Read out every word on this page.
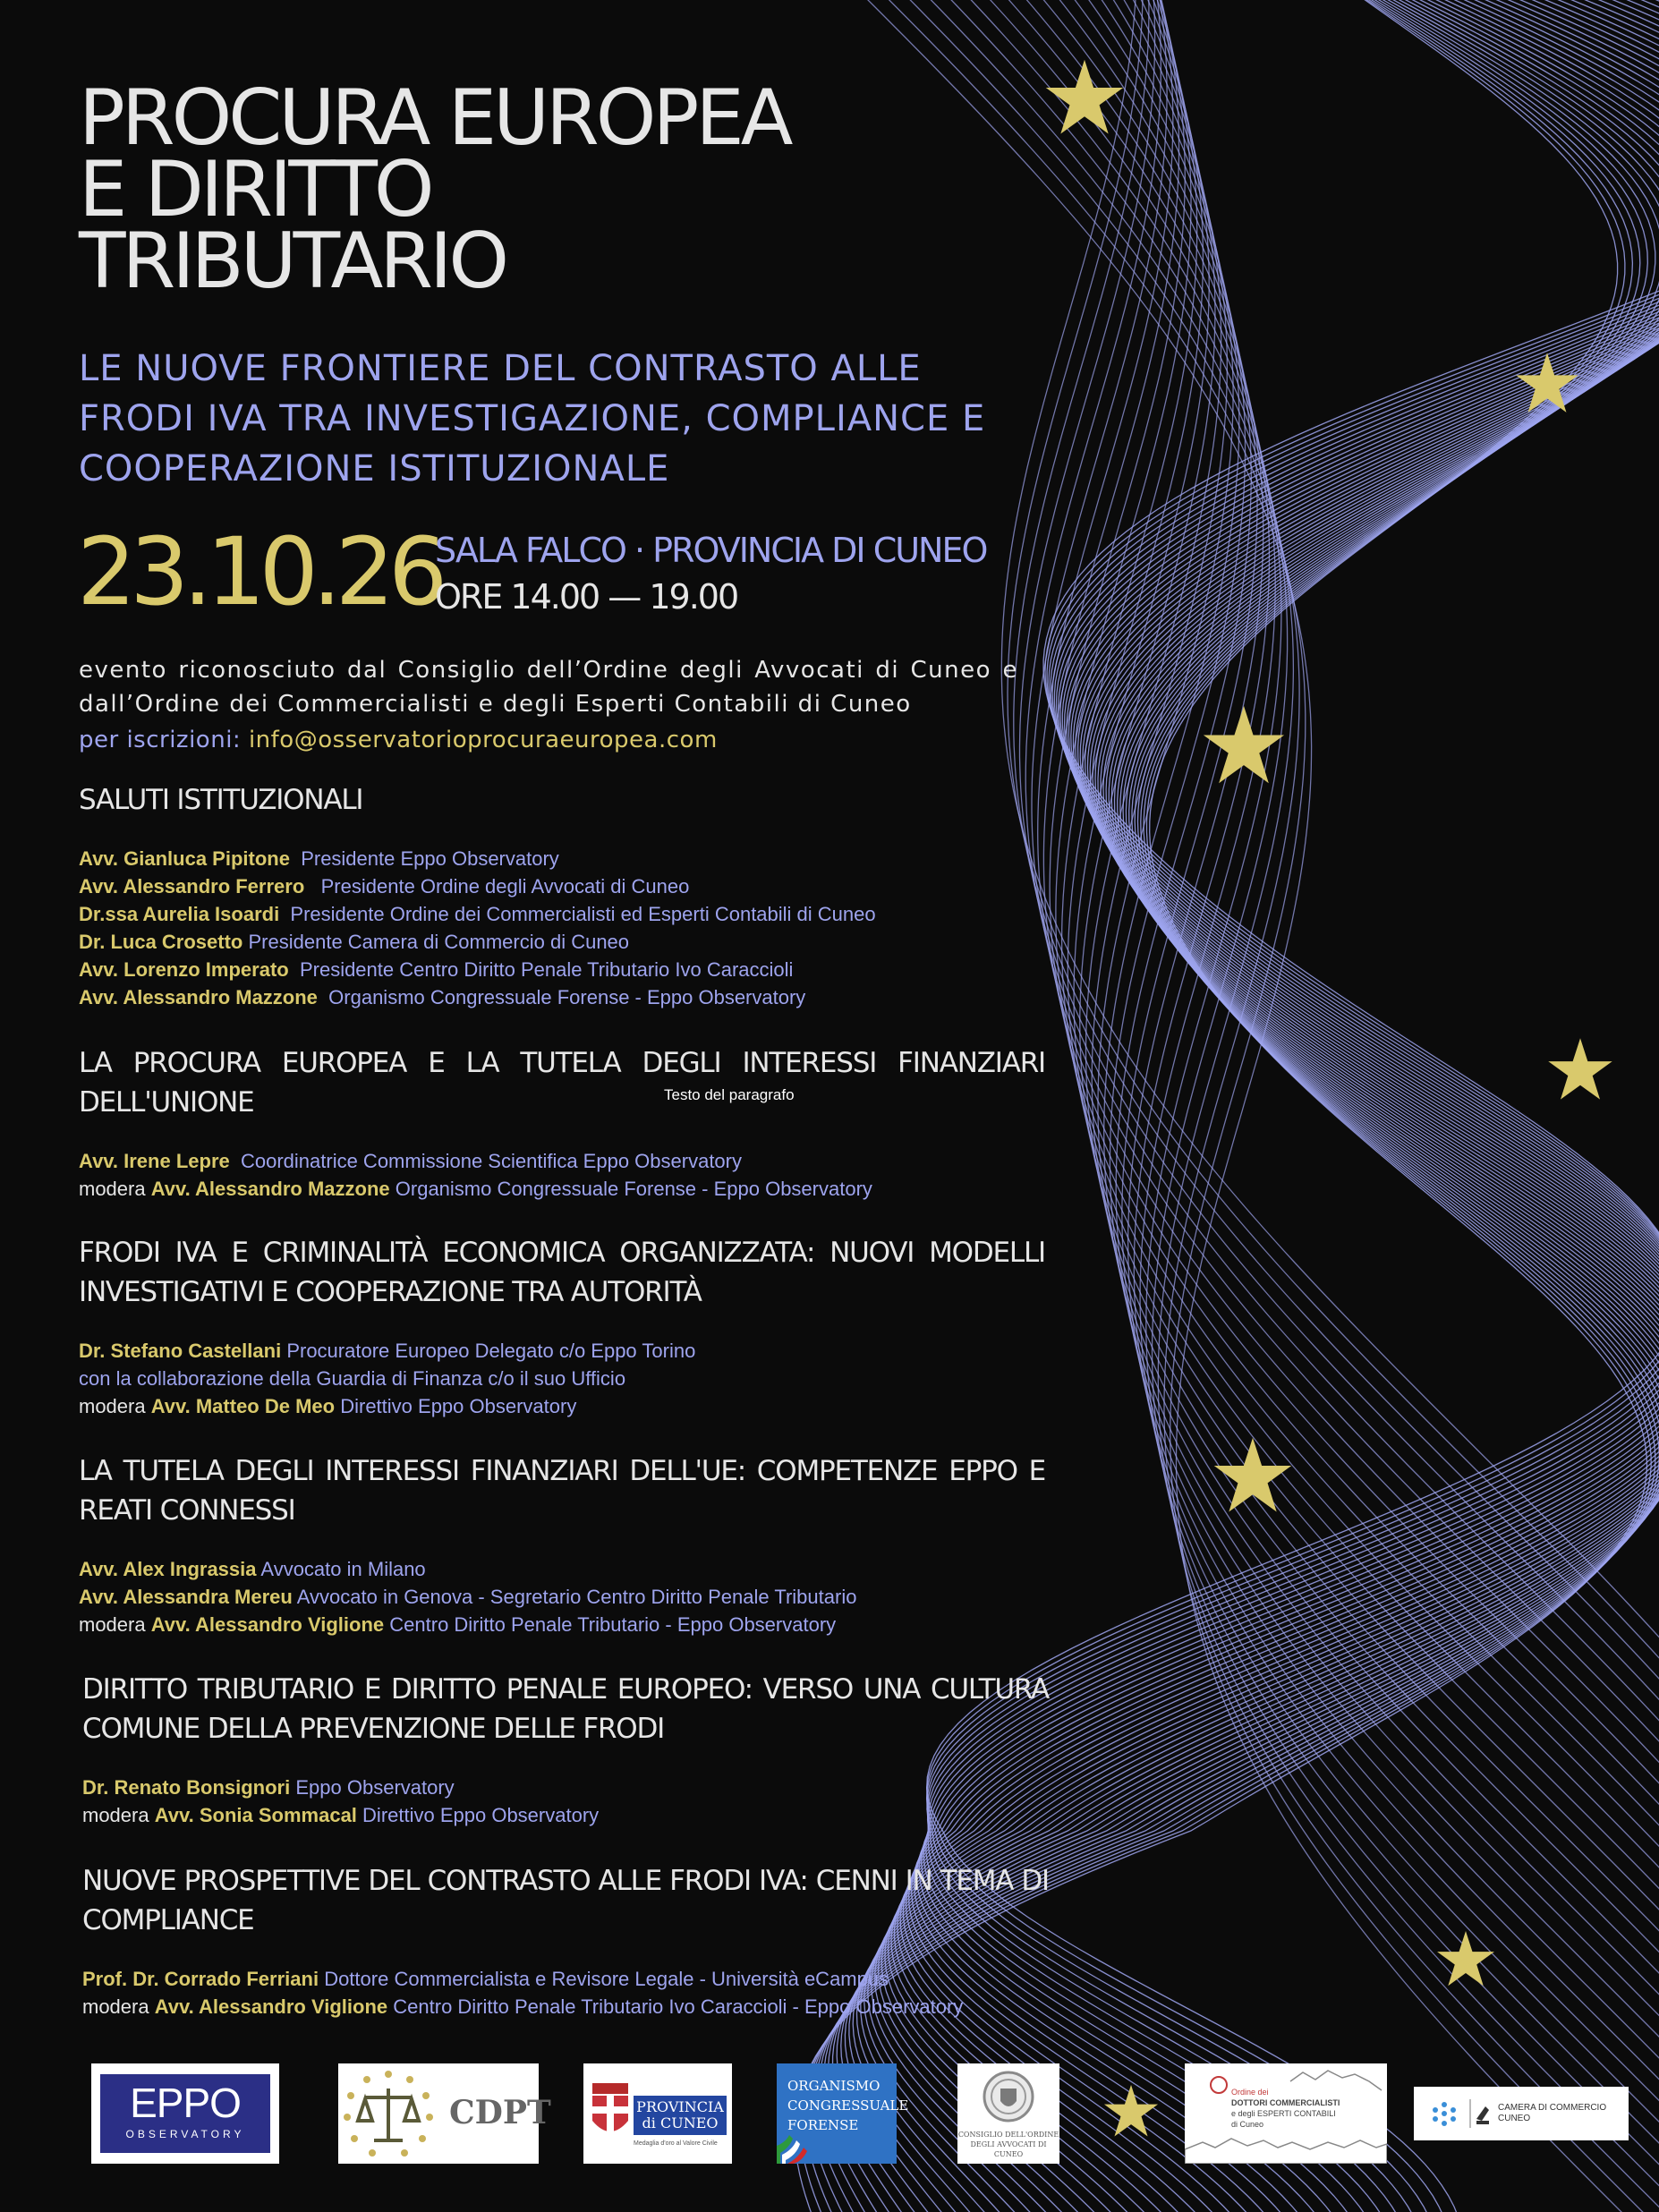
PROCURA EUROPEA
E DIRITTO
TRIBUTARIO
LE NUOVE FRONTIERE DEL CONTRASTO ALLE
FRODI IVA TRA INVESTIGAZIONE, COMPLIANCE E
COOPERAZIONE ISTITUZIONALE
23.10.26
SALA FALCO · PROVINCIA DI CUNEO
ORE 14.00 — 19.00

evento riconosciuto dal Consiglio dell’Ordine degli Avvocati di Cuneo e dall’Ordine dei Commercialisti e degli Esperti Contabili di Cuneo

per iscrizioni: info@osservatorioprocuraeuropea.com
SALUTI ISTITUZIONALI
Avv. Gianluca Pipitone Presidente Eppo Observatory
Avv. Alessandro Ferrero Presidente Ordine degli Avvocati di Cuneo
Dr.ssa Aurelia Isoardi Presidente Ordine dei Commercialisti ed Esperti Contabili di Cuneo
Dr. Luca Crosetto Presidente Camera di Commercio di Cuneo
Avv. Lorenzo Imperato Presidente Centro Diritto Penale Tributario Ivo Caraccioli
Avv. Alessandro Mazzone Organismo Congressuale Forense - Eppo Observatory
LA PROCURA EUROPEA E LA TUTELA DEGLI INTERESSI FINANZIARI DELL'UNIONE	Testo del paragrafo
Avv. Irene Lepre Coordinatrice Commissione Scientifica Eppo Observatory
modera Avv. Alessandro Mazzone Organismo Congressuale Forense - Eppo Observatory
FRODI IVA E CRIMINALITÀ ECONOMICA ORGANIZZATA: NUOVI MODELLI INVESTIGATIVI E COOPERAZIONE TRA AUTORITÀ
Dr. Stefano Castellani Procuratore Europeo Delegato c/o Eppo Torino
con la collaborazione della Guardia di Finanza c/o il suo Ufficio
modera Avv. Matteo De Meo Direttivo Eppo Observatory
LA TUTELA DEGLI INTERESSI FINANZIARI DELL'UE: COMPETENZE EPPO E REATI CONNESSI
Avv. Alex Ingrassia Avvocato in Milano
Avv. Alessandra Mereu Avvocato in Genova - Segretario Centro Diritto Penale Tributario
modera Avv. Alessandro Viglione Centro Diritto Penale Tributario - Eppo Observatory
DIRITTO TRIBUTARIO E DIRITTO PENALE EUROPEO: VERSO UNA CULTURA COMUNE DELLA PREVENZIONE DELLE FRODI
Dr. Renato Bonsignori Eppo Observatory
modera Avv. Sonia Sommacal Direttivo Eppo Observatory
NUOVE PROSPETTIVE DEL CONTRASTO ALLE FRODI IVA: CENNI IN TEMA DI COMPLIANCE
Prof. Dr. Corrado Ferriani Dottore Commercialista e Revisore Legale - Università eCampus
modera Avv. Alessandro Viglione Centro Diritto Penale Tributario Ivo Caraccioli - Eppo Observatory
EPPO
OBSERVATORY
CDPT	PROVINCIA
di CUNEO
Medaglia d'oro al Valore Civile
ORGANISMO
CONGRESSUALE
FORENSE
CONSIGLIO DELL'ORDINE
DEGLI AVVOCATI DI CUNEO
Ordine dei
DOTTORI COMMERCIALISTI
e degli ESPERTI CONTABILI
di Cuneo
CAMERA DI COMMERCIO
CUNEO
